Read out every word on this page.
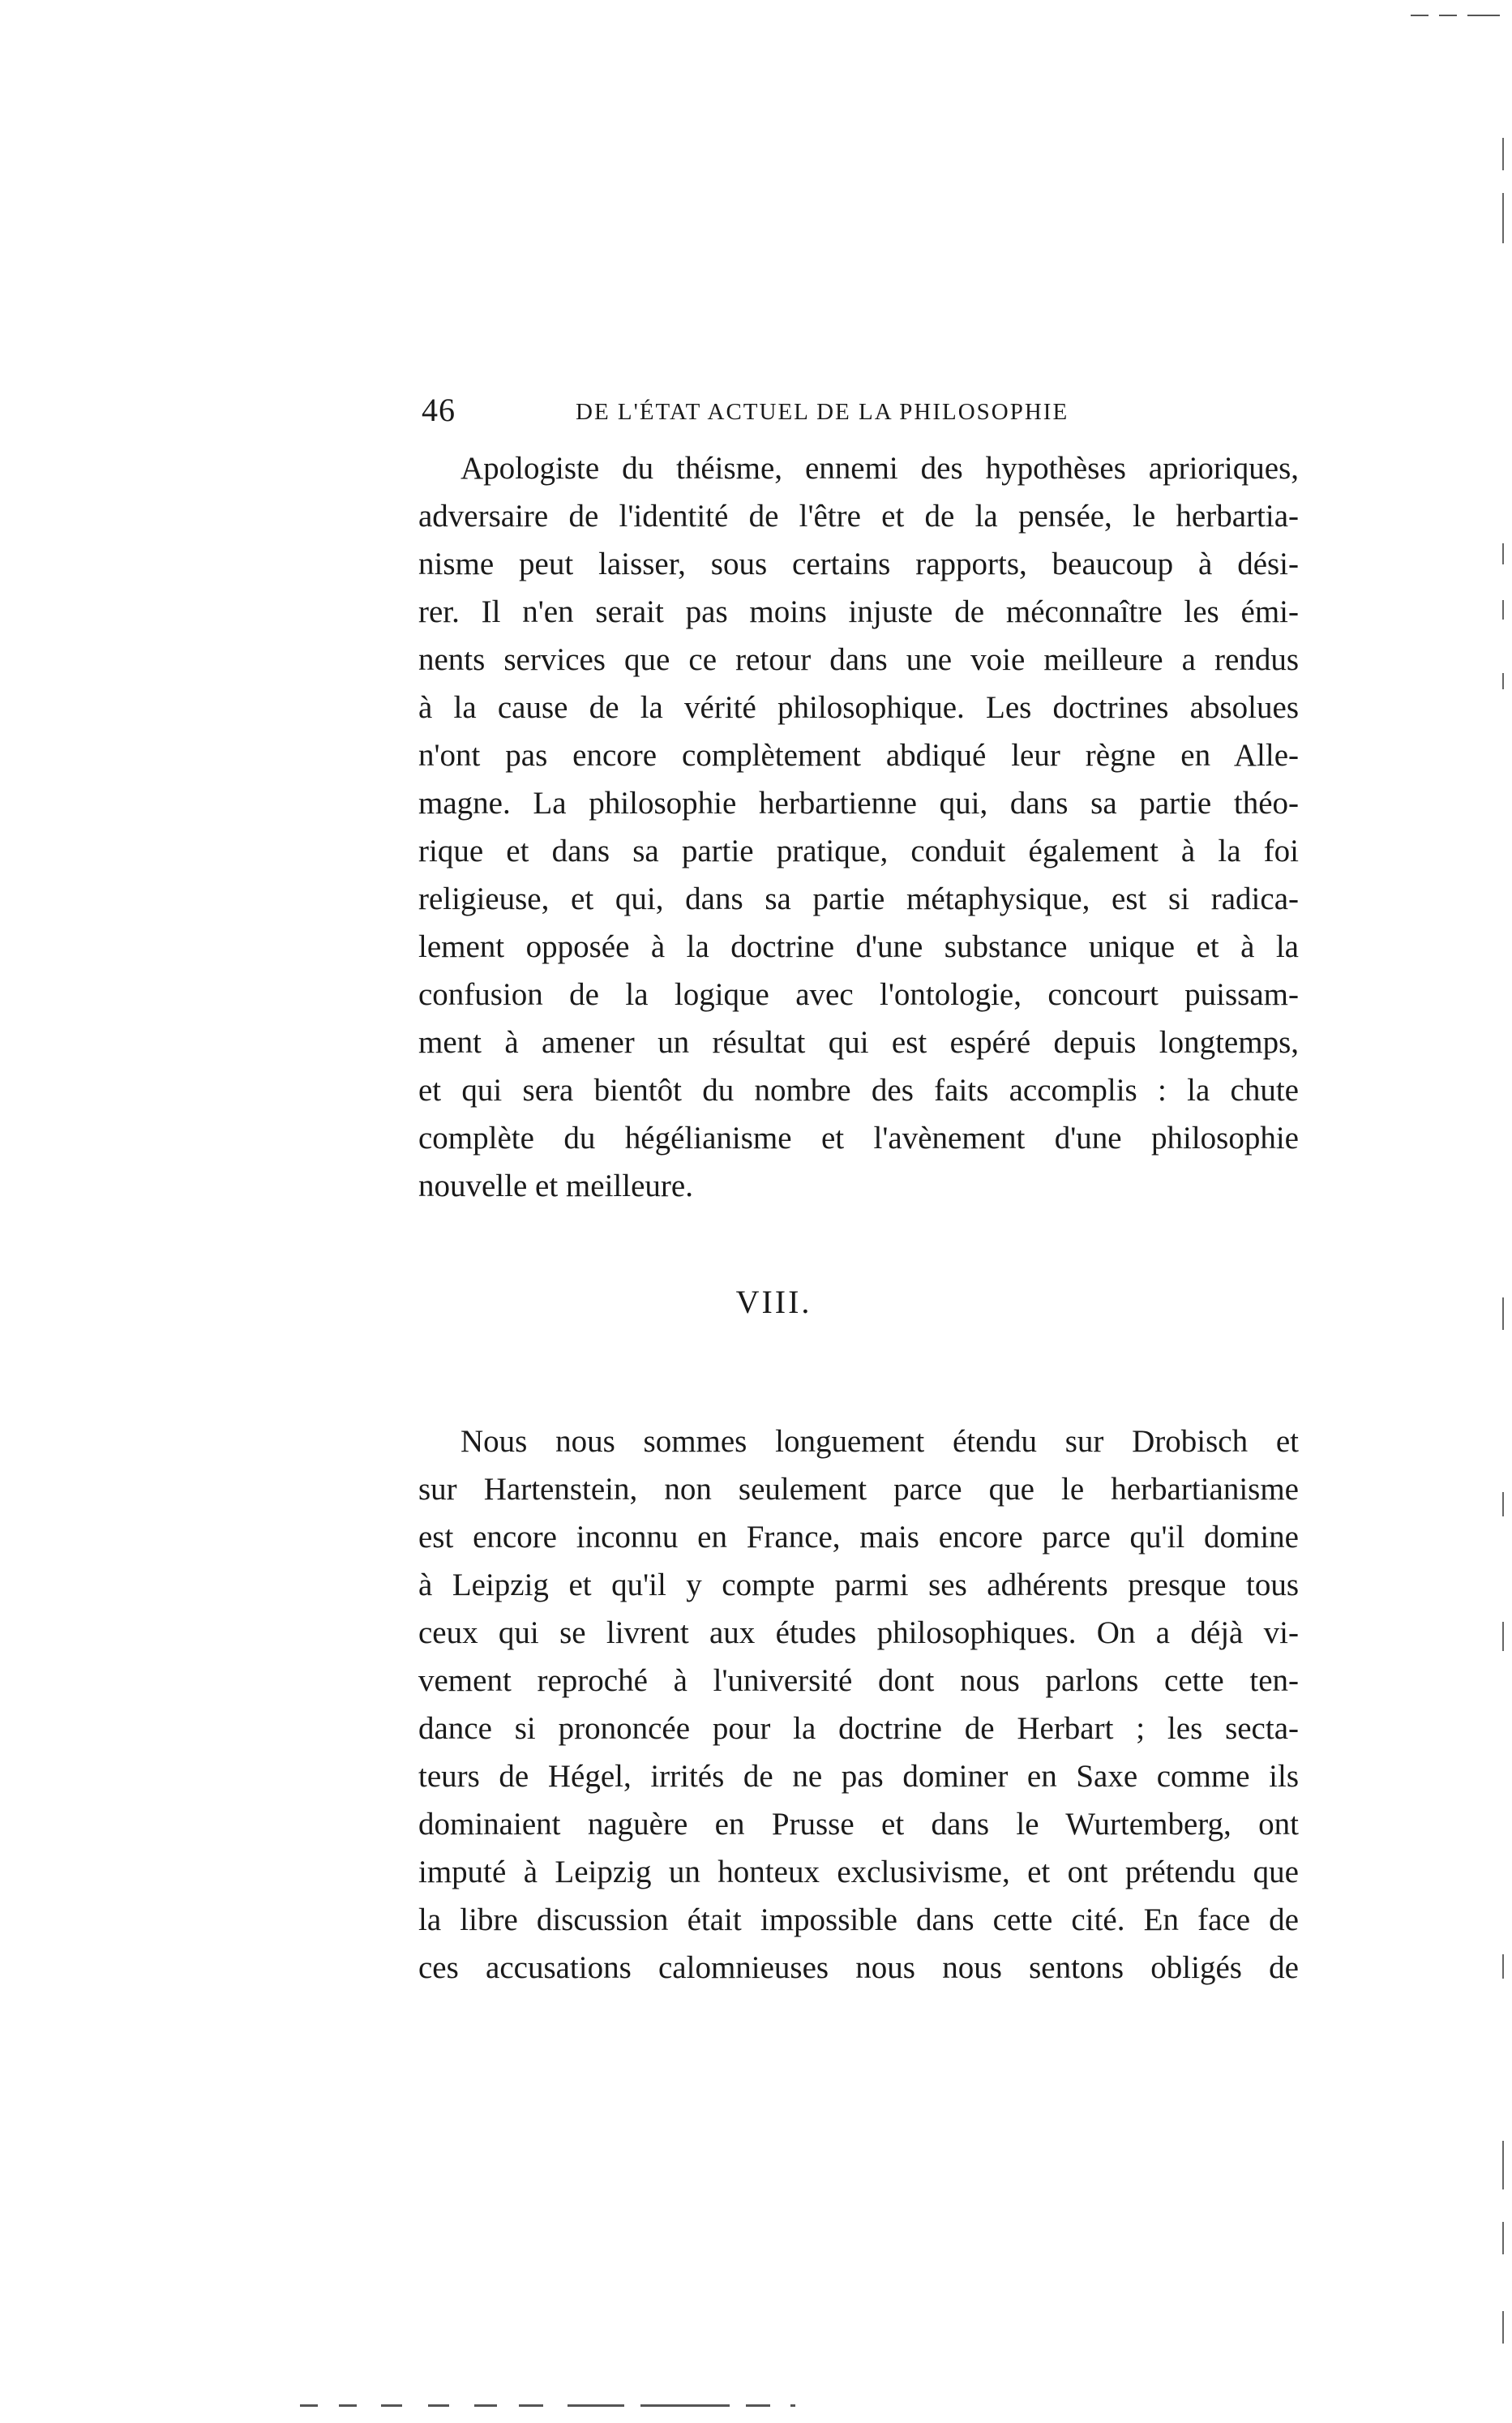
46	DE L'ÉTAT ACTUEL DE LA PHILOSOPHIE
Apologiste du théisme, ennemi des hypothèses aprioriques,
adversaire de l'identité de l'être et de la pensée, le herbartia-
nisme peut laisser, sous certains rapports, beaucoup à dési-
rer. Il n'en serait pas moins injuste de méconnaître les émi-
nents services que ce retour dans une voie meilleure a rendus
à la cause de la vérité philosophique. Les doctrines absolues
n'ont pas encore complètement abdiqué leur règne en Alle-
magne. La philosophie herbartienne qui, dans sa partie théo-
rique et dans sa partie pratique, conduit également à la foi
religieuse, et qui, dans sa partie métaphysique, est si radica-
lement opposée à la doctrine d'une substance unique et à la
confusion de la logique avec l'ontologie, concourt puissam-
ment à amener un résultat qui est espéré depuis longtemps,
et qui sera bientôt du nombre des faits accomplis : la chute
complète du hégélianisme et l'avènement d'une philosophie
nouvelle et meilleure.
VIII.
Nous nous sommes longuement étendu sur Drobisch et
sur Hartenstein, non seulement parce que le herbartianisme
est encore inconnu en France, mais encore parce qu'il domine
à Leipzig et qu'il y compte parmi ses adhérents presque tous
ceux qui se livrent aux études philosophiques. On a déjà vi-
vement reproché à l'université dont nous parlons cette ten-
dance si prononcée pour la doctrine de Herbart ; les secta-
teurs de Hégel, irrités de ne pas dominer en Saxe comme ils
dominaient naguère en Prusse et dans le Wurtemberg, ont
imputé à Leipzig un honteux exclusivisme, et ont prétendu que
la libre discussion était impossible dans cette cité. En face de
ces accusations calomnieuses nous nous sentons obligés de
